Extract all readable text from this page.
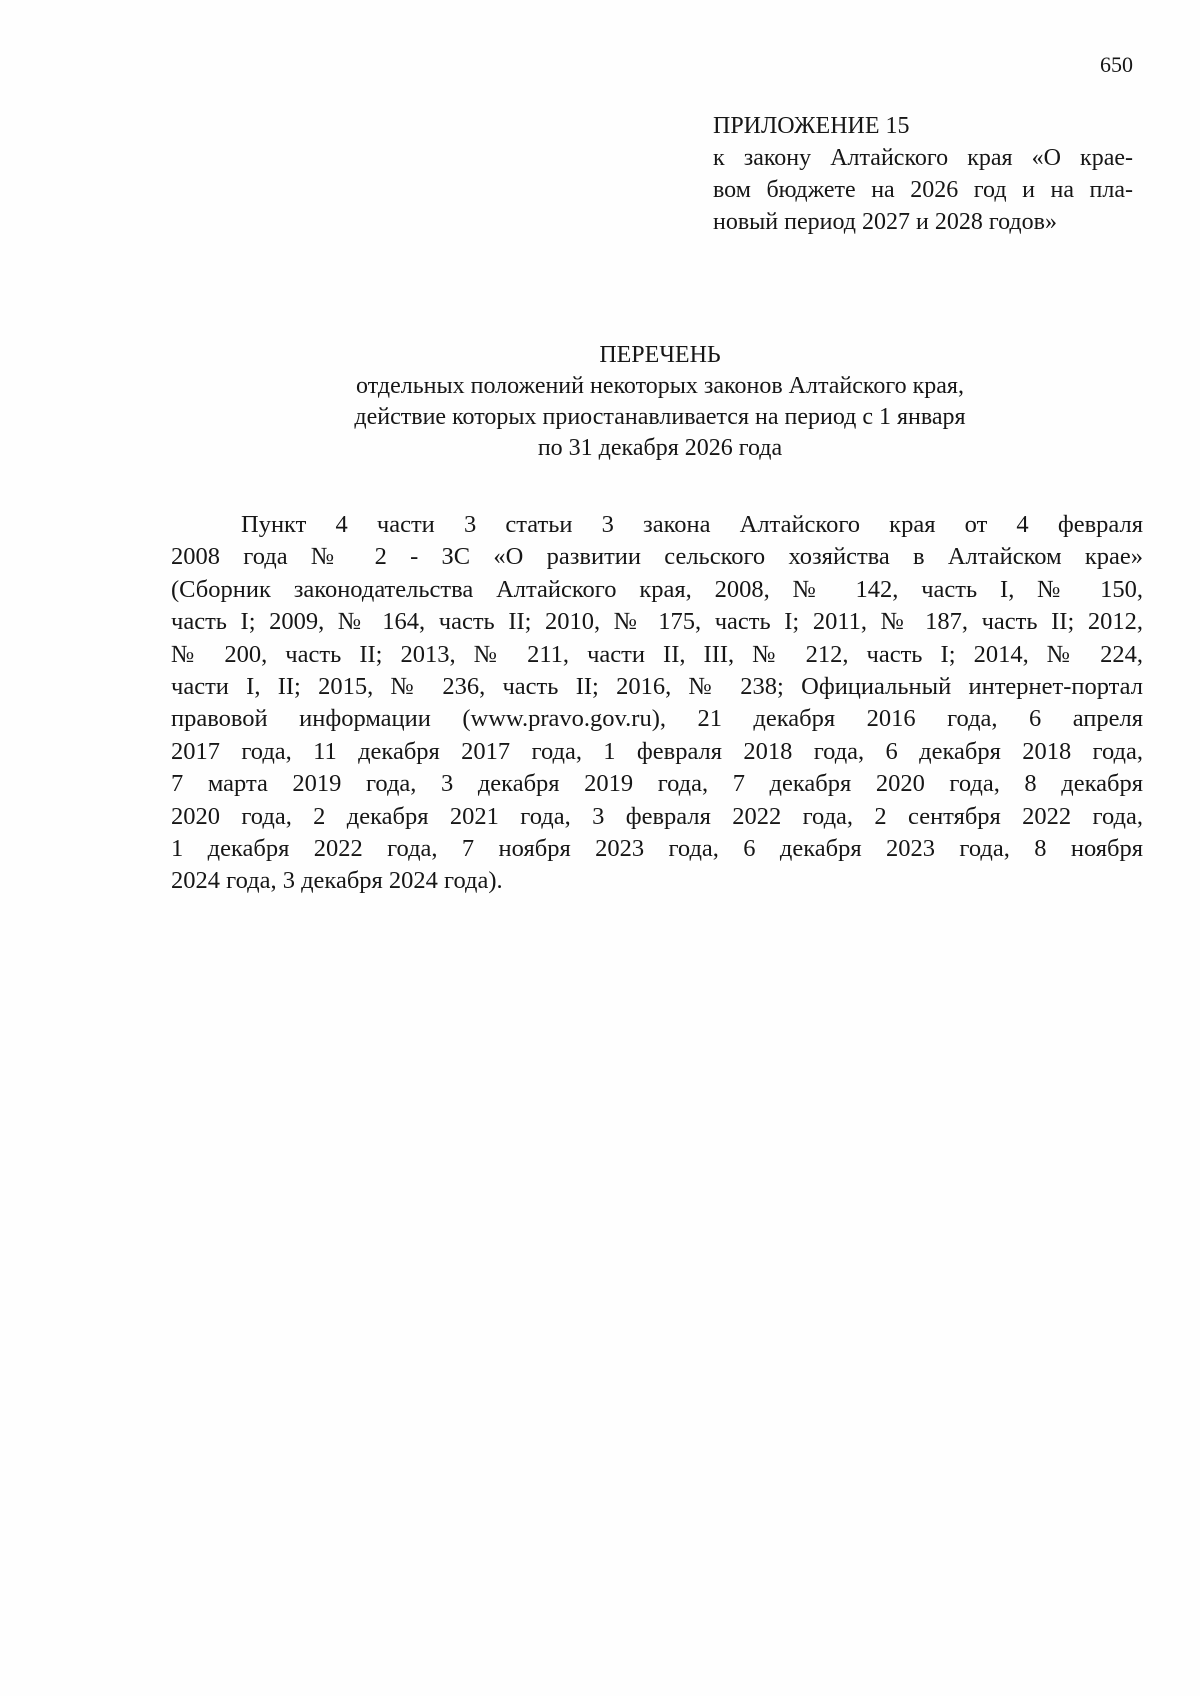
650
ПРИЛОЖЕНИЕ 15
к закону Алтайского края «О крае-
вом бюджете на 2026 год и на пла-
новый период 2027 и 2028 годов»
ПЕРЕЧЕНЬ
отдельных положений некоторых законов Алтайского края,
действие которых приостанавливается на период с 1 января
по 31 декабря 2026 года
Пункт 4 части 3 статьи 3 закона Алтайского края от 4 февраля
2008 года № 2 - ЗС «О развитии сельского хозяйства в Алтайском крае»
(Сборник законодательства Алтайского края, 2008, № 142, часть I, № 150,
часть I; 2009, № 164, часть II; 2010, № 175, часть I; 2011, № 187, часть II; 2012,
№ 200, часть II; 2013, № 211, части II, III, № 212, часть I; 2014, № 224,
части I, II; 2015, № 236, часть II; 2016, № 238; Официальный интернет-портал
правовой информации (www.pravo.gov.ru), 21 декабря 2016 года, 6 апреля
2017 года, 11 декабря 2017 года, 1 февраля 2018 года, 6 декабря 2018 года,
7 марта 2019 года, 3 декабря 2019 года, 7 декабря 2020 года, 8 декабря
2020 года, 2 декабря 2021 года, 3 февраля 2022 года, 2 сентября 2022 года,
1 декабря 2022 года, 7 ноября 2023 года, 6 декабря 2023 года, 8 ноября
2024 года, 3 декабря 2024 года).
